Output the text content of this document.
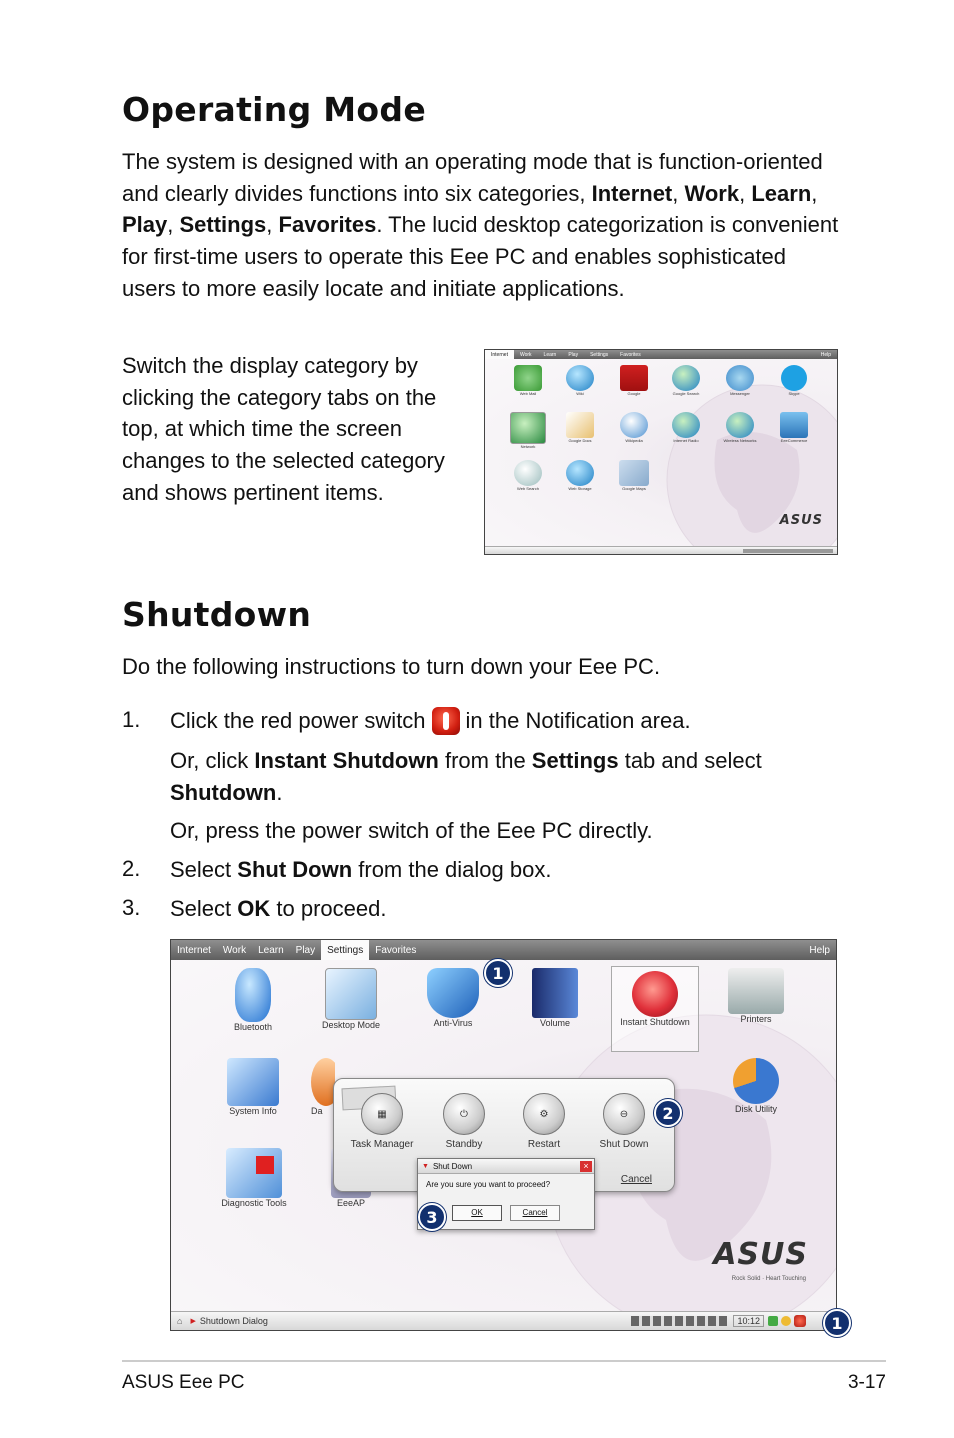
Operating Mode

The system is designed with an operating mode that is function-oriented and clearly divides functions into six categories, Internet, Work, Learn, Play, Settings, Favorites. The lucid desktop categorization is convenient for first-time users to operate this Eee PC and enables sophisticated users to more easily locate and initiate applications.

Switch the display category by clicking the category tabs on the top, at which time the screen changes to the selected category and shows pertinent items.

Internet	Work	Learn	Play	Settings	Favorites	Help
Web Mail	Wiki	Google	Google Search	Messenger	Skype
Network
Google Docs	Wikipedia	Internet Radio	Wireless Networks	EeeCommerce
Web Search	Web Storage	Google Maps
ASUS
Shutdown

Do the following instructions to turn down your Eee PC.

1. Click the red power switch in the Notification area.

Or, click Instant Shutdown from the Settings tab and select Shutdown.

Or, press the power switch of the Eee PC directly.

2. Select Shut Down from the dialog box.
3. Select OK to proceed.
Internet	Work	Learn	Play	Settings	Favorites	Help
Bluetooth	Desktop Mode	Anti-Virus	Volume	Instant Shutdown	Printers
System Info	Da	Disk Utility
Diagnostic Tools	EeeAP
▦
Task Manager
⏻
Standby
⚙
Restart
⊖
Shut Down
Cancel
▼ Shut Down	×
Are you sure you want to proceed?
OK	Cancel
ASUS
Rock Solid · Heart Touching
⌂ ▶ Shutdown Dialog	10:12
1
2
3
1
ASUS Eee PC	3-17
